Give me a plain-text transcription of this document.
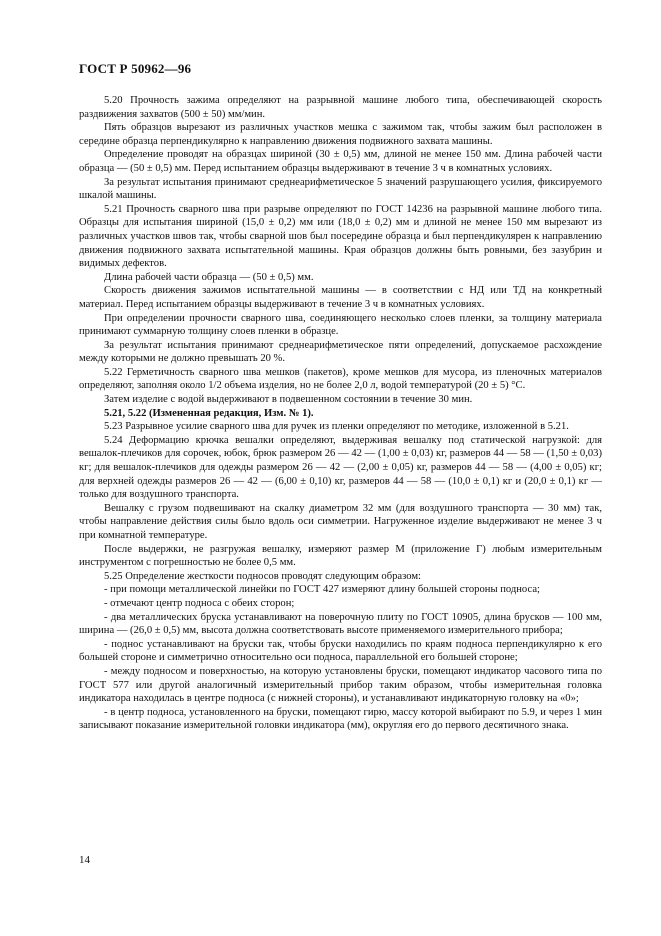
ГОСТ Р 50962—96

5.20 Прочность зажима определяют на разрывной машине любого типа, обеспечивающей скорость раздвижения захватов (500 ± 50) мм/мин.

Пять образцов вырезают из различных участков мешка с зажимом так, чтобы зажим был расположен в середине образца перпендикулярно к направлению движения подвижного захвата машины.

Определение проводят на образцах шириной (30 ± 0,5) мм, длиной не менее 150 мм. Длина рабочей части образца — (50 ± 0,5) мм. Перед испытанием образцы выдерживают в течение 3 ч в комнатных условиях.

За результат испытания принимают среднеарифметическое 5 значений разрушающего усилия, фиксируемого шкалой машины.

5.21 Прочность сварного шва при разрыве определяют по ГОСТ 14236 на разрывной машине любого типа. Образцы для испытания шириной (15,0 ± 0,2) мм или (18,0 ± 0,2) мм и длиной не менее 150 мм вырезают из различных участков швов так, чтобы сварной шов был посередине образца и был перпендикулярен к направлению движения подвижного захвата испытательной машины. Края образцов должны быть ровными, без зазубрин и видимых дефектов.

Длина рабочей части образца — (50 ± 0,5) мм.

Скорость движения зажимов испытательной машины — в соответствии с НД или ТД на конкретный материал. Перед испытанием образцы выдерживают в течение 3 ч в комнатных условиях.

При определении прочности сварного шва, соединяющего несколько слоев пленки, за толщину материала принимают суммарную толщину слоев пленки в образце.

За результат испытания принимают среднеарифметическое пяти определений, допускаемое расхождение между которыми не должно превышать 20 %.

5.22 Герметичность сварного шва мешков (пакетов), кроме мешков для мусора, из пленочных материалов определяют, заполняя около 1/2 объема изделия, но не более 2,0 л, водой температурой (20 ± 5) °С.

Затем изделие с водой выдерживают в подвешенном состоянии в течение 30 мин.

5.21, 5.22 (Измененная редакция, Изм. № 1).

5.23 Разрывное усилие сварного шва для ручек из пленки определяют по методике, изложенной в 5.21.

5.24 Деформацию крючка вешалки определяют, выдерживая вешалку под статической нагрузкой: для вешалок-плечиков для сорочек, юбок, брюк размером 26 — 42 — (1,00 ± 0,03) кг, размеров 44 — 58 — (1,50 ± 0,03) кг; для вешалок-плечиков для одежды размером 26 — 42 — (2,00 ± 0,05) кг, размеров 44 — 58 — (4,00 ± 0,05) кг; для верхней одежды размеров 26 — 42 — (6,00 ± 0,10) кг, размеров 44 — 58 — (10,0 ± 0,1) кг и (20,0 ± 0,1) кг — только для воздушного транспорта.

Вешалку с грузом подвешивают на скалку диаметром 32 мм (для воздушного транспорта — 30 мм) так, чтобы направление действия силы было вдоль оси симметрии. Нагруженное изделие выдерживают не менее 3 ч при комнатной температуре.

После выдержки, не разгружая вешалку, измеряют размер М (приложение Г) любым измерительным инструментом с погрешностью не более 0,5 мм.

5.25 Определение жесткости подносов проводят следующим образом:

- при помощи металлической линейки по ГОСТ 427 измеряют длину большей стороны подноса;

- отмечают центр подноса с обеих сторон;

- два металлических бруска устанавливают на поверочную плиту по ГОСТ 10905, длина брусков — 100 мм, ширина — (26,0 ± 0,5) мм, высота должна соответствовать высоте применяемого измерительного прибора;

- поднос устанавливают на бруски так, чтобы бруски находились по краям подноса перпендикулярно к его большей стороне и симметрично относительно оси подноса, параллельной его большей стороне;

- между подносом и поверхностью, на которую установлены бруски, помещают индикатор часового типа по ГОСТ 577 или другой аналогичный измерительный прибор таким образом, чтобы измерительная головка индикатора находилась в центре подноса (с нижней стороны), и устанавливают индикаторную головку на «0»;

- в центр подноса, установленного на бруски, помещают гирю, массу которой выбирают по 5.9, и через 1 мин записывают показание измерительной головки индикатора (мм), округляя его до первого десятичного знака.

14
